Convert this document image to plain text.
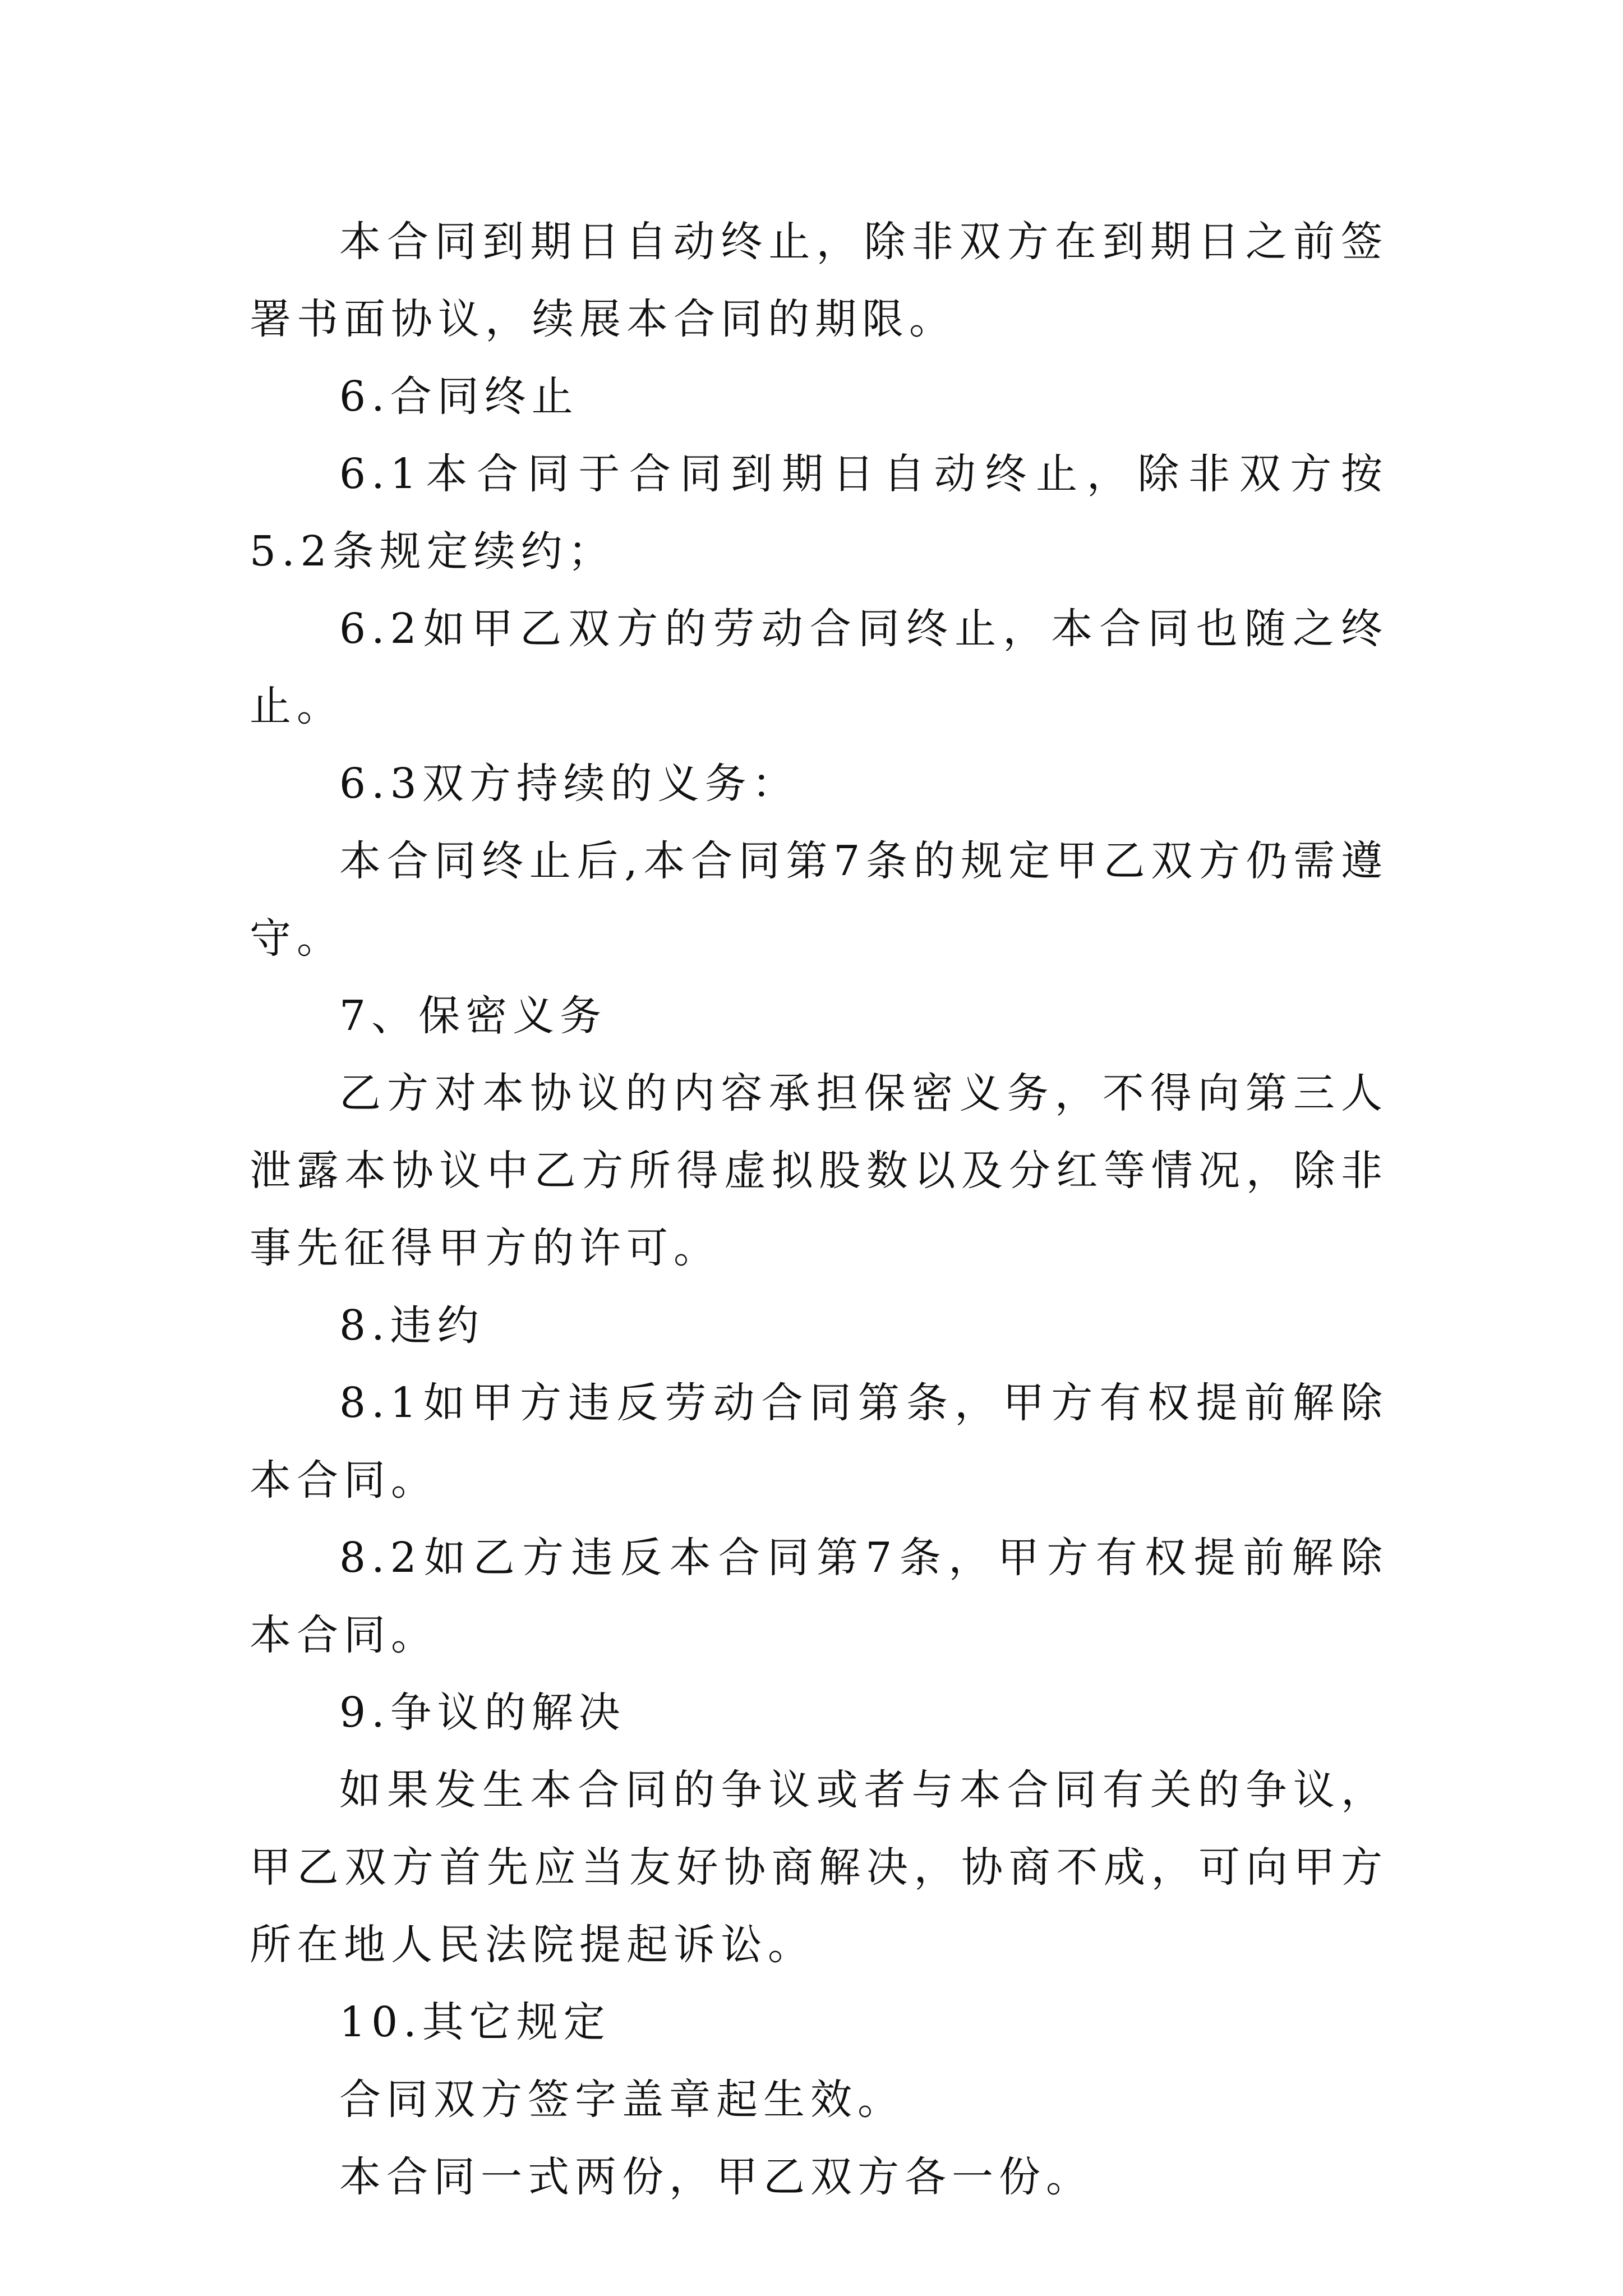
本合同到期日自动终止，除非双方在到期日之前签署书面协议，续展本合同的期限。

6.合同终止

6.1本合同于合同到期日自动终止，除非双方按5.2条规定续约；

6.2如甲乙双方的劳动合同终止，本合同也随之终止。

6.3双方持续的义务：

本合同终止后,本合同第7条的规定甲乙双方仍需遵守。

7、保密义务

乙方对本协议的内容承担保密义务，不得向第三人泄露本协议中乙方所得虚拟股数以及分红等情况，除非事先征得甲方的许可。

8.违约

8.1如甲方违反劳动合同第条，甲方有权提前解除本合同。

8.2如乙方违反本合同第7条，甲方有权提前解除本合同。

9.争议的解决

如果发生本合同的争议或者与本合同有关的争议，甲乙双方首先应当友好协商解决，协商不成，可向甲方所在地人民法院提起诉讼。

10.其它规定

合同双方签字盖章起生效。

本合同一式两份，甲乙双方各一份。
